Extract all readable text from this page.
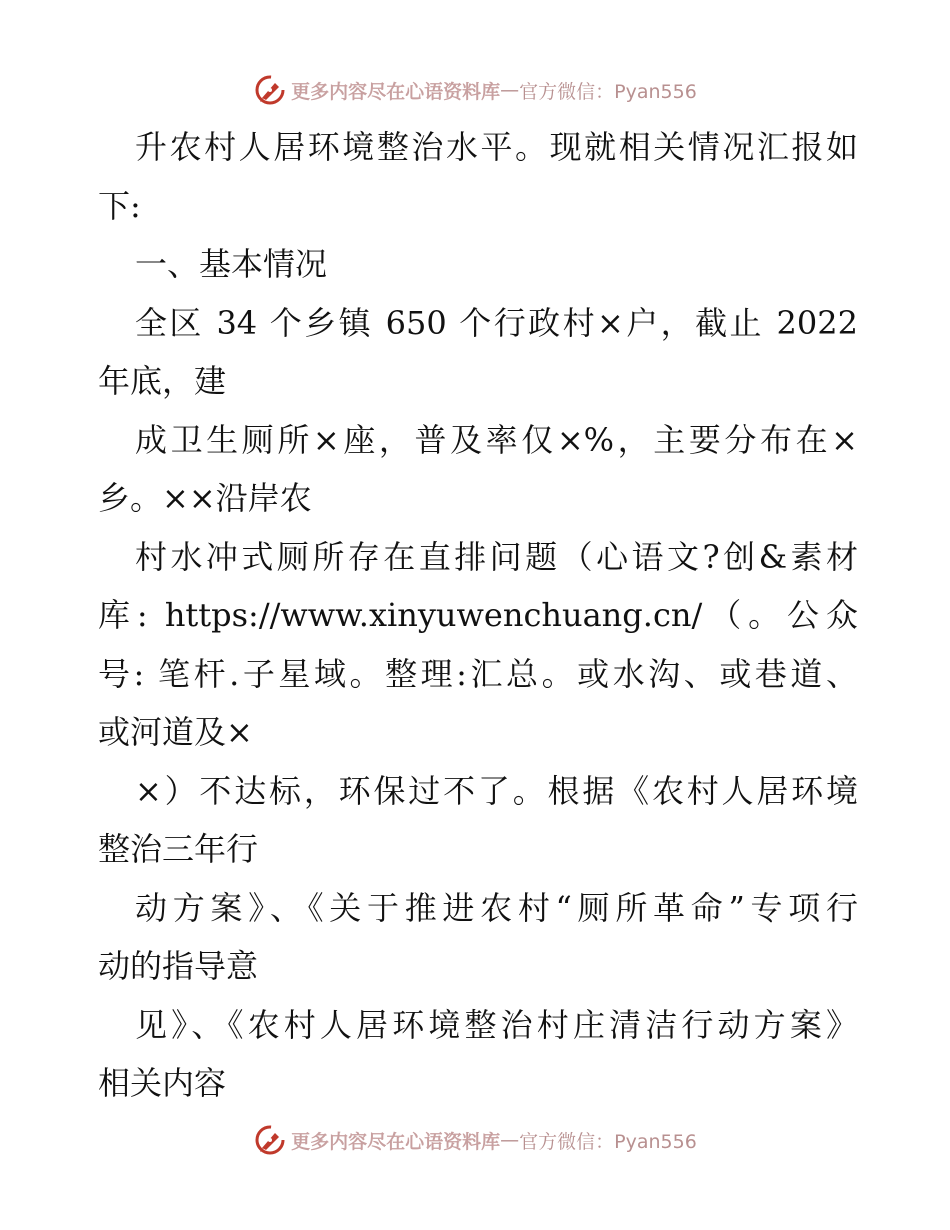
更多内容尽在心语资料库 — 官方微信：Pyan556
升农村人居环境整治水平。现就相关情况汇报如
下:
一、基本情况
全区 34 个乡镇 650 个行政村×户，截止 2022
年底，建
成卫生厕所×座，普及率仅×%，主要分布在×
乡。××沿岸农
村水冲式厕所存在直排问题（心语文?创&素材
库: https://www.xinyuwenchuang.cn/（。公众
号: 笔杆.子星域。整理:汇总。或水沟、或巷道、
或河道及×
×）不达标，环保过不了。根据《农村人居环境
整治三年行
动方案》、《关于推进农村“厕所革命”专项行
动的指导意
见》、《农村人居环境整治村庄清洁行动方案》
相关内容
更多内容尽在心语资料库 — 官方微信：Pyan556
